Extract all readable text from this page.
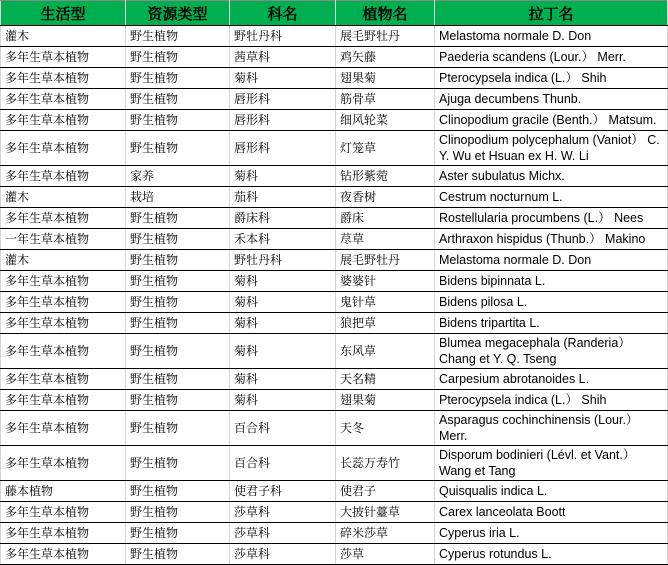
生活型	资源类型	科名	植物名	拉丁名
灌木	野生植物	野牡丹科	展毛野牡丹	Melastoma normale D. Don
多年生草本植物	野生植物	茜草科	鸡矢藤	Paederia scandens (Lour.） Merr.
多年生草本植物	野生植物	菊科	翅果菊	Pterocypsela indica (L.） Shih
多年生草本植物	野生植物	唇形科	筋骨草	Ajuga decumbens Thunb.
多年生草本植物	野生植物	唇形科	细风轮菜	Clinopodium gracile (Benth.） Matsum.
多年生草本植物	野生植物	唇形科	灯笼草	Clinopodium polycephalum (Vaniot） C. Y. Wu et Hsuan ex H. W. Li
多年生草本植物	家养	菊科	钻形紫菀	Aster subulatus Michx.
灌木	栽培	茄科	夜香树	Cestrum nocturnum L.
多年生草本植物	野生植物	爵床科	爵床	Rostellularia procumbens (L.） Nees
一年生草本植物	野生植物	禾本科	荩草	Arthraxon hispidus (Thunb.） Makino
灌木	野生植物	野牡丹科	展毛野牡丹	Melastoma normale D. Don
多年生草本植物	野生植物	菊科	婆婆针	Bidens bipinnata L.
多年生草本植物	野生植物	菊科	鬼针草	Bidens pilosa L.
多年生草本植物	野生植物	菊科	狼把草	Bidens tripartita L.
多年生草本植物	野生植物	菊科	东风草	Blumea megacephala (Randeria） Chang et Y. Q. Tseng
多年生草本植物	野生植物	菊科	天名精	Carpesium abrotanoides L.
多年生草本植物	野生植物	菊科	翅果菊	Pterocypsela indica (L.） Shih
多年生草本植物	野生植物	百合科	天冬	Asparagus cochinchinensis (Lour.） Merr.
多年生草本植物	野生植物	百合科	长蕊万寿竹	Disporum bodinieri (Lévl. et Vant.） Wang et Tang
藤本植物	野生植物	使君子科	使君子	Quisqualis indica L.
多年生草本植物	野生植物	莎草科	大披针薹草	Carex lanceolata Boott
多年生草本植物	野生植物	莎草科	碎米莎草	Cyperus iria L.
多年生草本植物	野生植物	莎草科	莎草	Cyperus rotundus L.
